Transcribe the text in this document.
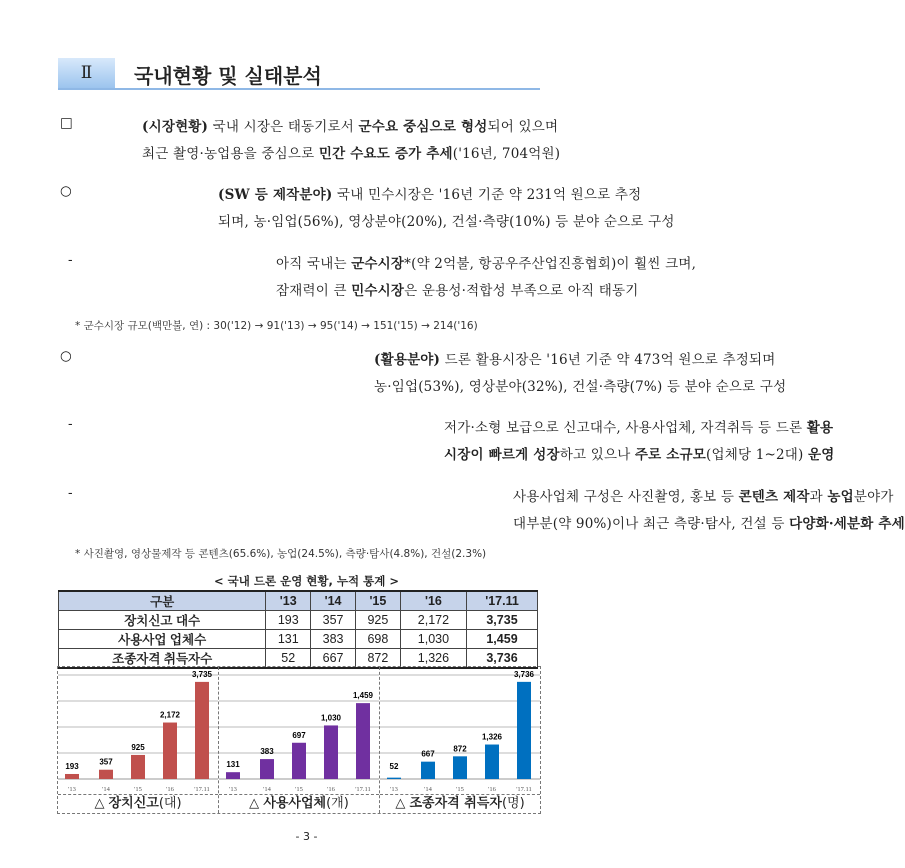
Ⅱ	국내현황 및 실태분석
□	(시장현황) 국내 시장은 태동기로서 군수요 중심으로 형성되어 있으며
최근 촬영·농업용을 중심으로 민간 수요도 증가 추세('16년, 704억원)
○	(SW 등 제작분야) 국내 민수시장은 '16년 기준 약 231억 원으로 추정
되며, 농·임업(56%), 영상분야(20%), 건설·측량(10%) 등 분야 순으로 구성
-	아직 국내는 군수시장*(약 2억불, 항공우주산업진흥협회)이 훨씬 크며,
잠재력이 큰 민수시장은 운용성·적합성 부족으로 아직 태동기
○	(활용분야) 드론 활용시장은 '16년 기준 약 473억 원으로 추정되며
농·임업(53%), 영상분야(32%), 건설·측량(7%) 등 분야 순으로 구성
-	저가·소형 보급으로 신고대수, 사용사업체, 자격취득 등 드론 활용
시장이 빠르게 성장하고 있으나 주로 소규모(업체당 1~2대) 운영
-	사용사업체 구성은 사진촬영, 홍보 등 콘텐츠 제작과 농업분야가
대부분(약 90%)이나 최근 측량·탐사, 건설 등 다양화·세분화 추세
* 군수시장 규모(백만불, 연) : 30('12) → 91('13) → 95('14) → 151('15) → 214('16)
* 사진촬영, 영상물제작 등 콘텐츠(65.6%), 농업(24.5%), 측량·탐사(4.8%), 건설(2.3%)
< 국내 드론 운영 현황, 누적 통계 >
구분	'13	'14	'15	'16	'17.11
장치신고 대수	193	357	925	2,172	3,735
사용사업 업체수	131	383	698	1,030	1,459
조종자격 취득자수	52	667	872	1,326	3,736
193
'13
357
'14
925
'15
2,172
'16
3,735
'17.11
△ 장치신고(대)
131
'13
383
'14
697
'15
1,030
'16
1,459
'17.11
△ 사용사업체(개)
52
'13
667
'14
872
'15
1,326
'16
3,736
'17.11
△ 조종자격 취득자(명)
- 3 -
